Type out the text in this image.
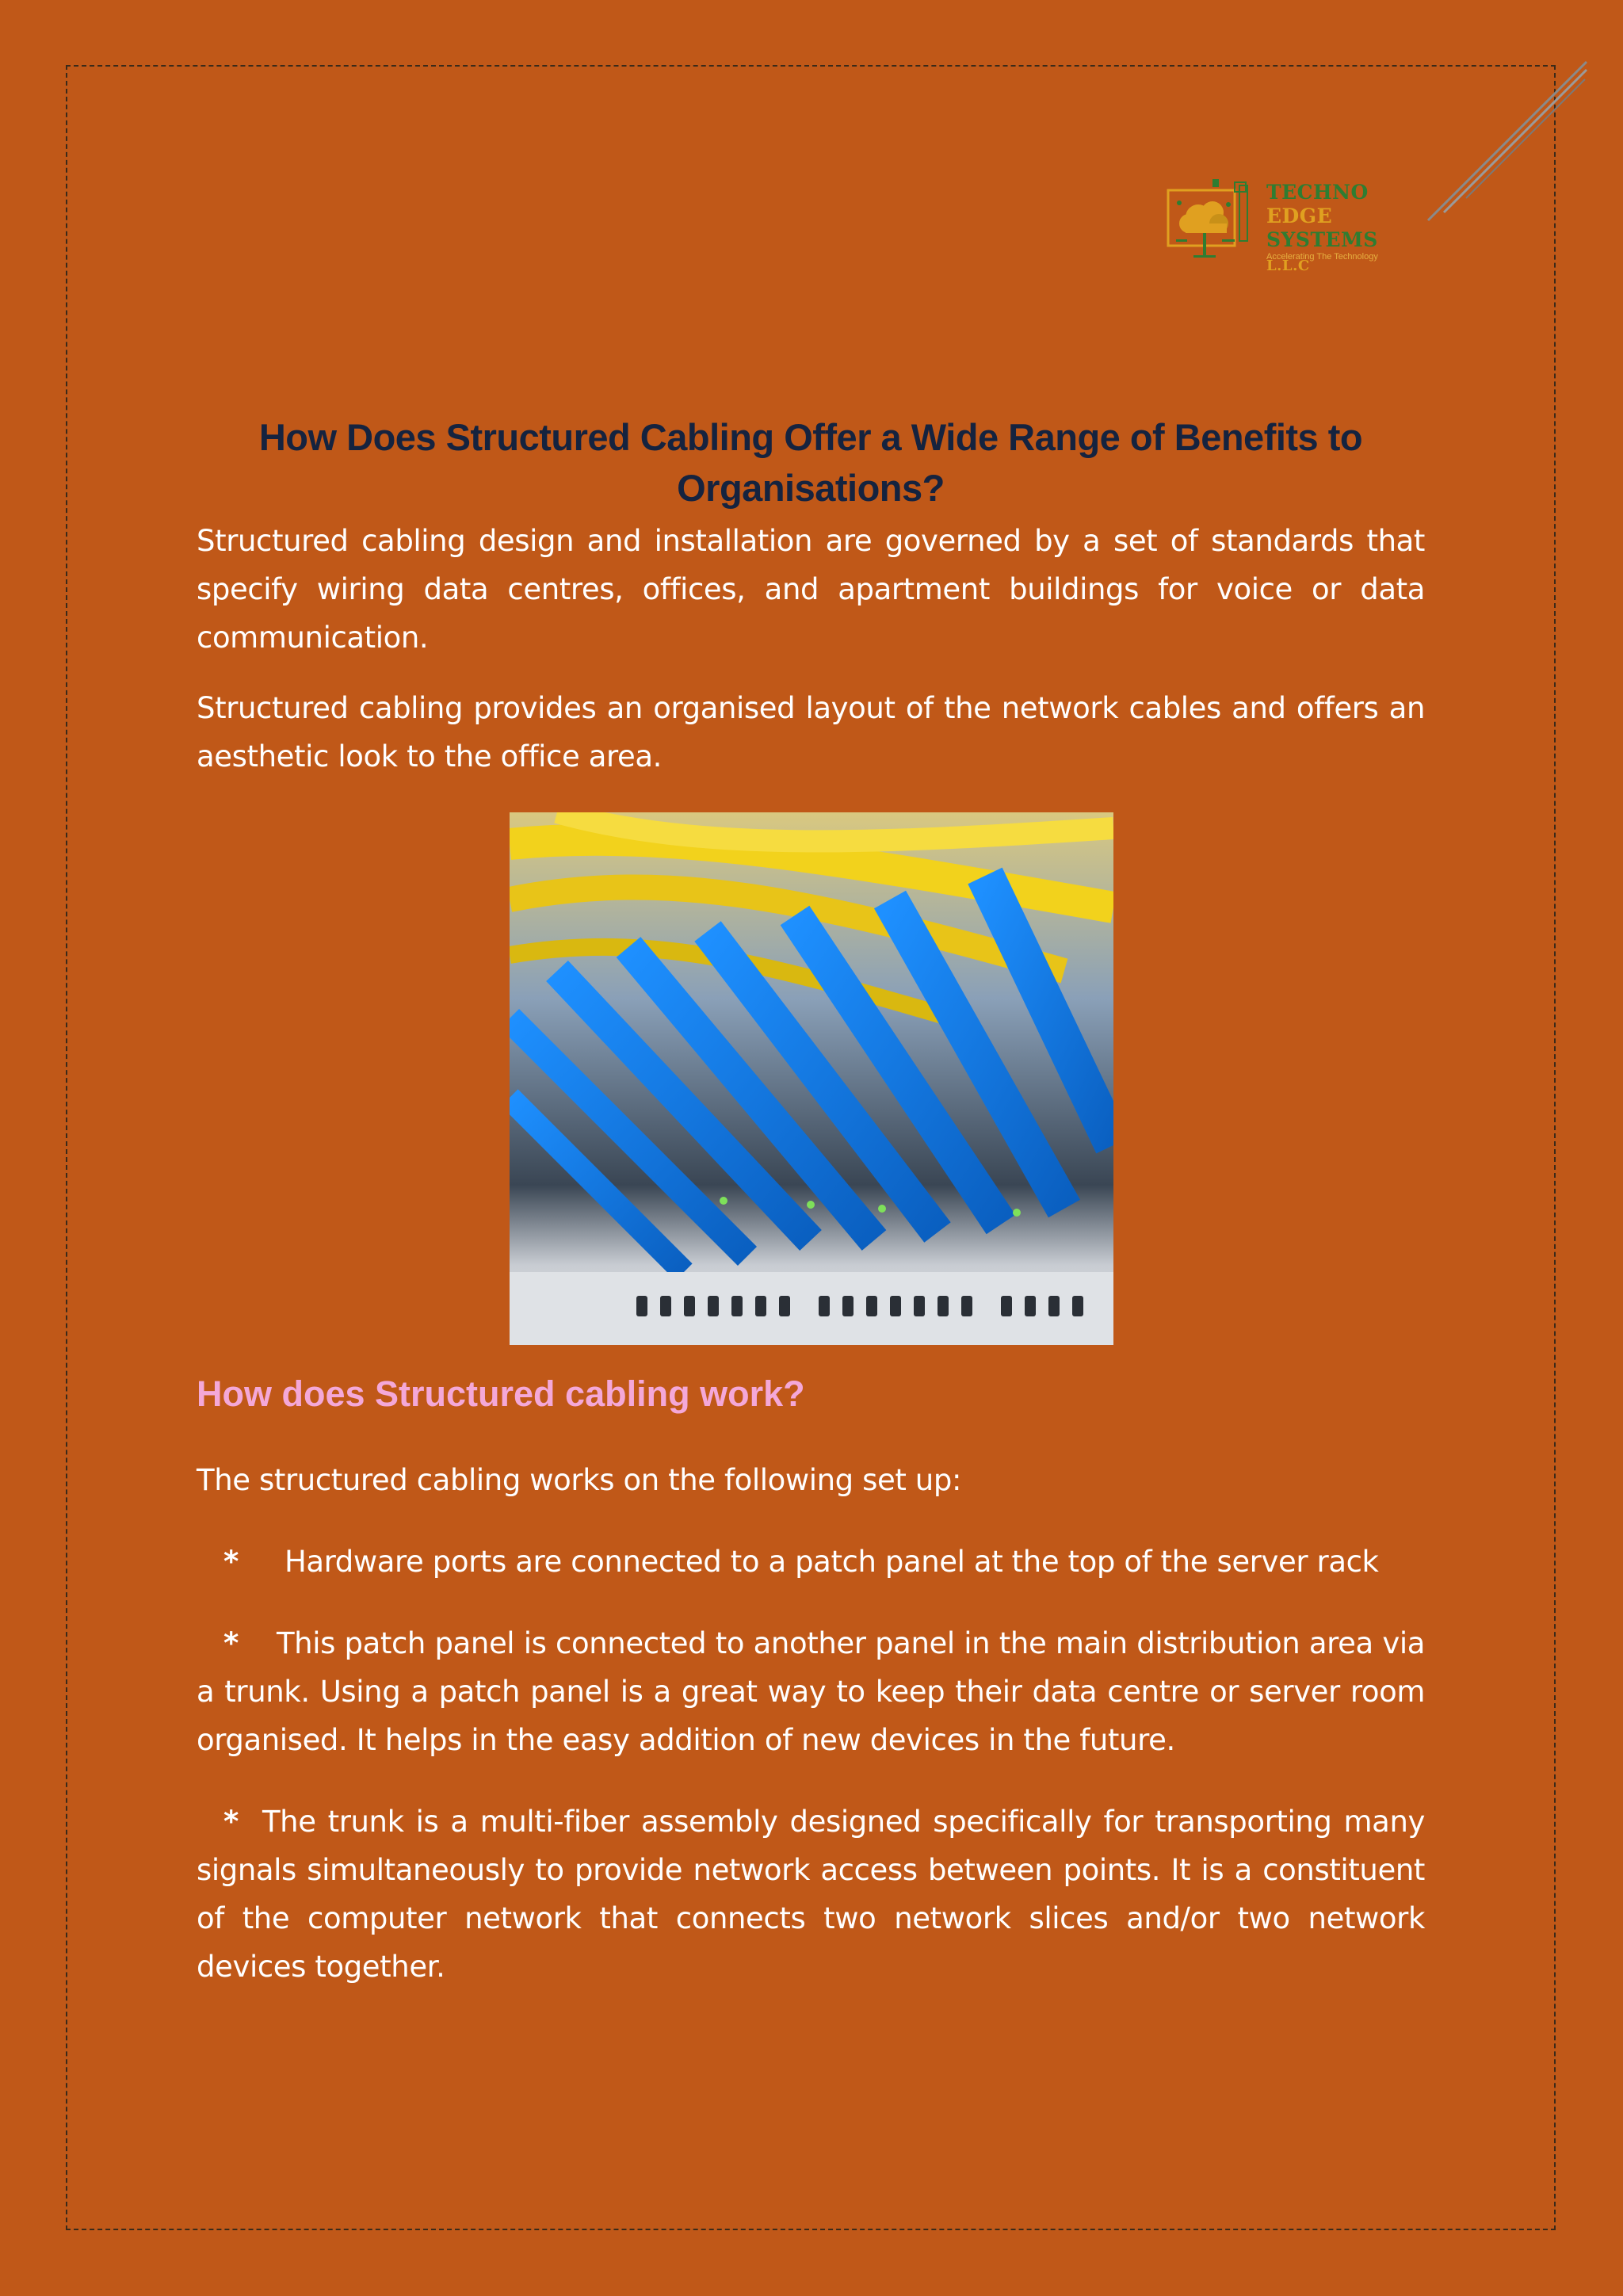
TECHNO
EDGE
SYSTEMS L.L.C
Accelerating The Technology
How Does Structured Cabling Offer a Wide Range of Benefits to Organisations?

Structured cabling design and installation are governed by a set of standards that specify wiring data centres, offices, and apartment buildings for voice or data communication.

Structured cabling provides an organised layout of the network cables and offers an aesthetic look to the office area.

How does Structured cabling work?

The structured cabling works on the following set up:

* Hardware ports are connected to a patch panel at the top of the server rack

* This patch panel is connected to another panel in the main distribution area via a trunk. Using a patch panel is a great way to keep their data centre or server room organised. It helps in the easy addition of new devices in the future.

* The trunk is a multi-fiber assembly designed specifically for transporting many signals simultaneously to provide network access between points. It is a constituent of the computer network that connects two network slices and/or two network devices together.
